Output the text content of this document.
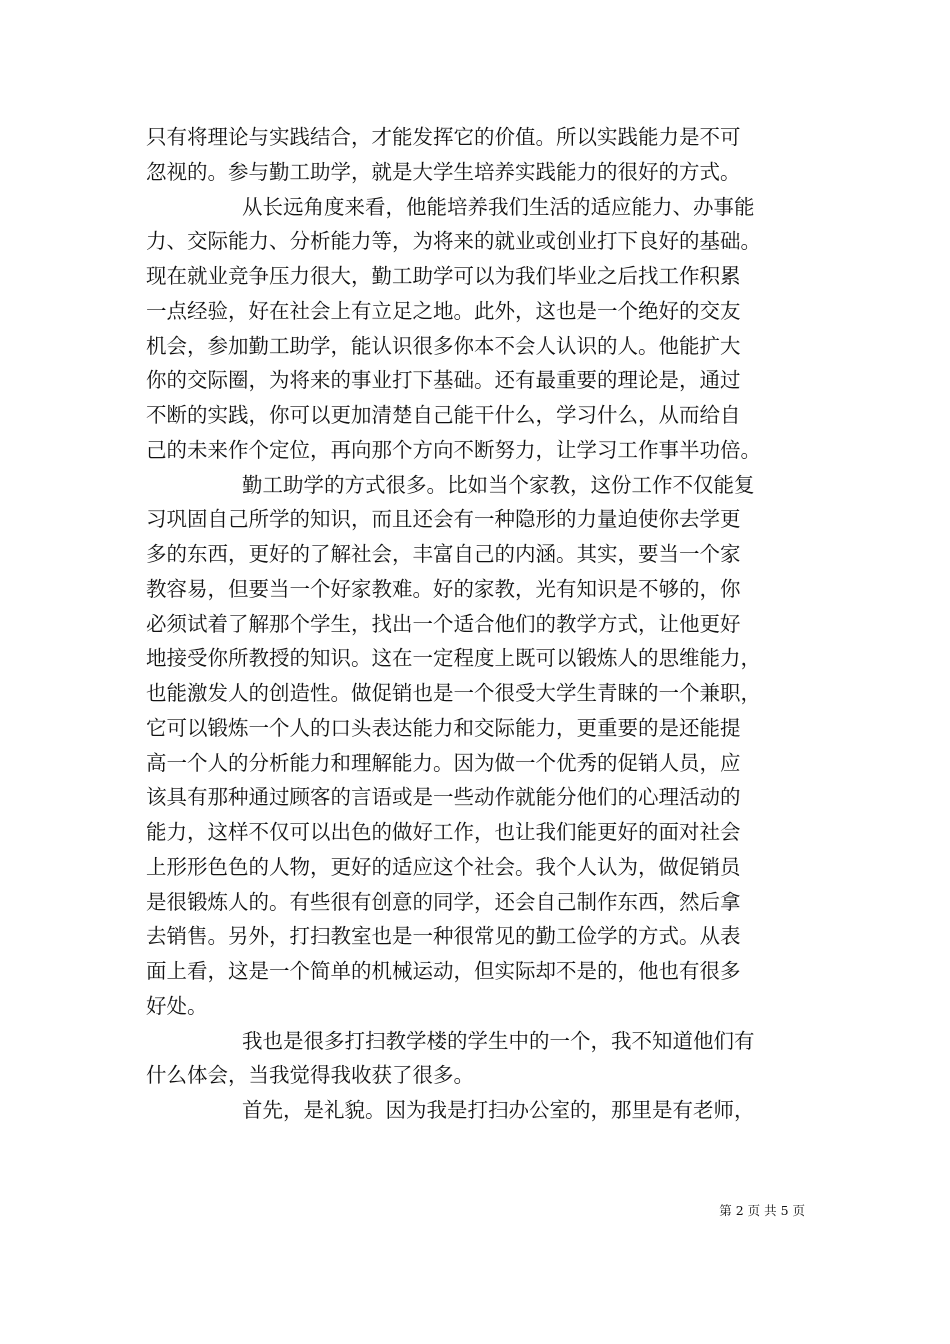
只有将理论与实践结合，才能发挥它的价值。所以实践能力是不可
忽视的。参与勤工助学，就是大学生培养实践能力的很好的方式。
从长远角度来看，他能培养我们生活的适应能力、办事能
力、交际能力、分析能力等，为将来的就业或创业打下良好的基础。
现在就业竞争压力很大，勤工助学可以为我们毕业之后找工作积累
一点经验，好在社会上有立足之地。此外，这也是一个绝好的交友
机会，参加勤工助学，能认识很多你本不会人认识的人。他能扩大
你的交际圈，为将来的事业打下基础。还有最重要的理论是，通过
不断的实践，你可以更加清楚自己能干什么，学习什么，从而给自
己的未来作个定位，再向那个方向不断努力，让学习工作事半功倍。
勤工助学的方式很多。比如当个家教，这份工作不仅能复
习巩固自己所学的知识，而且还会有一种隐形的力量迫使你去学更
多的东西，更好的了解社会，丰富自己的内涵。其实，要当一个家
教容易，但要当一个好家教难。好的家教，光有知识是不够的，你
必须试着了解那个学生，找出一个适合他们的教学方式，让他更好
地接受你所教授的知识。这在一定程度上既可以锻炼人的思维能力，
也能激发人的创造性。做促销也是一个很受大学生青睐的一个兼职，
它可以锻炼一个人的口头表达能力和交际能力，更重要的是还能提
高一个人的分析能力和理解能力。因为做一个优秀的促销人员，应
该具有那种通过顾客的言语或是一些动作就能分他们的心理活动的
能力，这样不仅可以出色的做好工作，也让我们能更好的面对社会
上形形色色的人物，更好的适应这个社会。我个人认为，做促销员
是很锻炼人的。有些很有创意的同学，还会自己制作东西，然后拿
去销售。另外，打扫教室也是一种很常见的勤工俭学的方式。从表
面上看，这是一个简单的机械运动，但实际却不是的，他也有很多
好处。
我也是很多打扫教学楼的学生中的一个，我不知道他们有
什么体会，当我觉得我收获了很多。
首先，是礼貌。因为我是打扫办公室的，那里是有老师，
第 2 页 共 5 页
